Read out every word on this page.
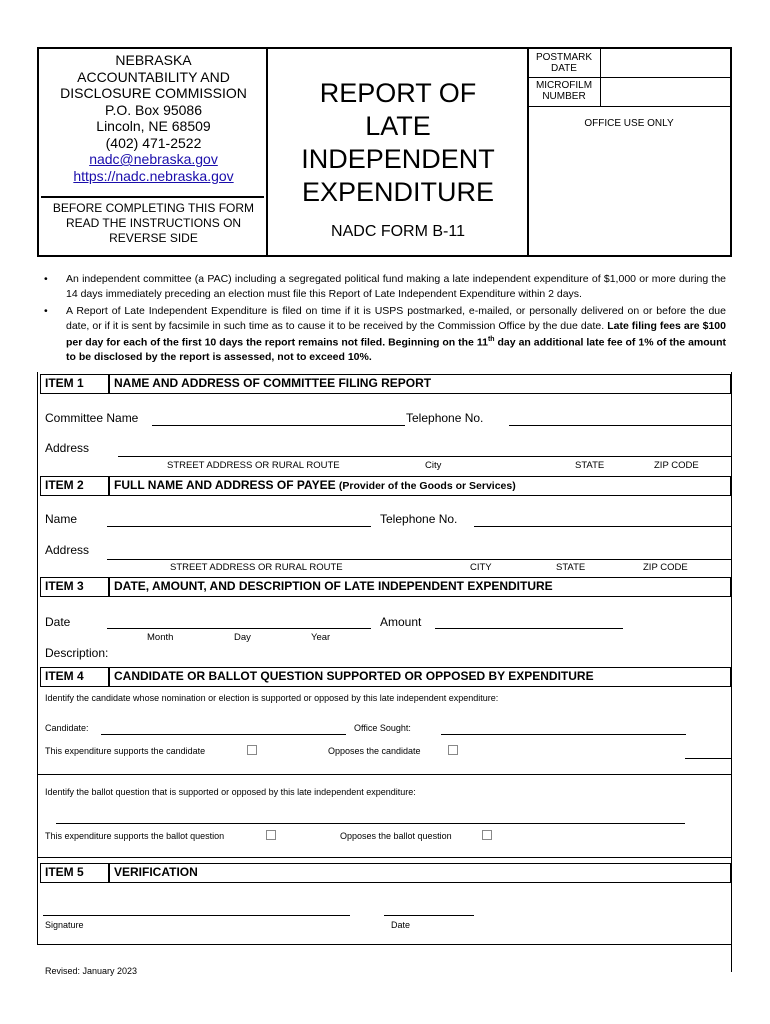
NEBRASKA
ACCOUNTABILITY AND
DISCLOSURE COMMISSION
P.O. Box 95086
Lincoln, NE 68509
(402) 471-2522
nadc@nebraska.gov
https://nadc.nebraska.gov
BEFORE COMPLETING THIS FORM READ THE INSTRUCTIONS ON REVERSE SIDE
REPORT OF
LATE
INDEPENDENT
EXPENDITURE
NADC FORM B-11
POSTMARK DATE
MICROFILM NUMBER
OFFICE USE ONLY
• An independent committee (a PAC) including a segregated political fund making a late independent expenditure of $1,000 or more during the 14 days immediately preceding an election must file this Report of Late Independent Expenditure within 2 days.
• A Report of Late Independent Expenditure is filed on time if it is USPS postmarked, e-mailed, or personally delivered on or before the due date, or if it is sent by facsimile in such time as to cause it to be received by the Commission Office by the due date. Late filing fees are $100 per day for each of the first 10 days the report remains not filed. Beginning on the 11th day an additional late fee of 1% of the amount to be disclosed by the report is assessed, not to exceed 10%.
ITEM 1	NAME AND ADDRESS OF COMMITTEE FILING REPORT
Committee Name	Telephone No.
Address
STREET ADDRESS OR RURAL ROUTE	City	STATE	ZIP CODE
ITEM 2	FULL NAME AND ADDRESS OF PAYEE (Provider of the Goods or Services)
Name	Telephone No.
Address
STREET ADDRESS OR RURAL ROUTE	CITY	STATE	ZIP CODE
ITEM 3	DATE, AMOUNT, AND DESCRIPTION OF LATE INDEPENDENT EXPENDITURE
Date	Amount
Month	Day	Year
Description:
ITEM 4	CANDIDATE OR BALLOT QUESTION SUPPORTED OR OPPOSED BY EXPENDITURE
Identify the candidate whose nomination or election is supported or opposed by this late independent expenditure:
Candidate:	Office Sought:
This expenditure supports the candidate	Opposes the candidate
Identify the ballot question that is supported or opposed by this late independent expenditure:
This expenditure supports the ballot question	Opposes the ballot question
ITEM 5	VERIFICATION
Signature	Date
Revised: January 2023
